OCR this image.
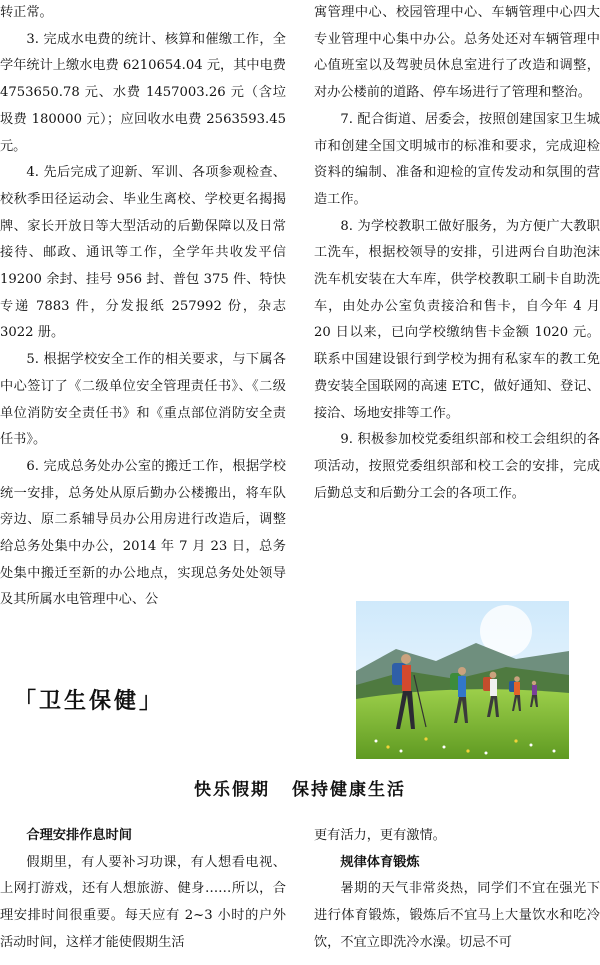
转正常。

3. 完成水电费的统计、核算和催缴工作，全学年统计上缴水电费 6210654.04 元，其中电费 4753650.78 元、水费 1457003.26 元（含垃圾费 180000 元）；应回收水电费 2563593.45 元。

4. 先后完成了迎新、军训、各项参观检查、校秋季田径运动会、毕业生离校、学校更名揭揭牌、家长开放日等大型活动的后勤保障以及日常接待、邮政、通讯等工作，全学年共收发平信 19200 余封、挂号 956 封、普包 375 件、特快专递 7883 件，分发报纸 257992 份，杂志 3022 册。

5. 根据学校安全工作的相关要求，与下属各中心签订了《二级单位安全管理责任书》、《二级单位消防安全责任书》和《重点部位消防安全责任书》。

6. 完成总务处办公室的搬迁工作，根据学校统一安排，总务处从原后勤办公楼搬出，将车队旁边、原二系辅导员办公用房进行改造后，调整给总务处集中办公，2014 年 7 月 23 日，总务处集中搬迁至新的办公地点，实现总务处处领导及其所属水电管理中心、公

寓管理中心、校园管理中心、车辆管理中心四大专业管理中心集中办公。总务处还对车辆管理中心值班室以及驾驶员休息室进行了改造和调整，对办公楼前的道路、停车场进行了管理和整治。

7. 配合街道、居委会，按照创建国家卫生城市和创建全国文明城市的标准和要求，完成迎检资料的编制、准备和迎检的宣传发动和氛围的营造工作。

8. 为学校教职工做好服务，为方便广大教职工洗车，根据校领导的安排，引进两台自助泡沫洗车机安装在大车库，供学校教职工刷卡自助洗车，由处办公室负责接洽和售卡，自今年 4 月 20 日以来，已向学校缴纳售卡金额 1020 元。联系中国建设银行到学校为拥有私家车的教工免费安装全国联网的高速 ETC，做好通知、登记、接洽、场地安排等工作。

9. 积极参加校党委组织部和校工会组织的各项活动，按照党委组织部和校工会的安排，完成后勤总支和后勤分工会的各项工作。

「卫生保健」
快乐假期 保持健康生活

合理安排作息时间

假期里，有人要补习功课，有人想看电视、上网打游戏，还有人想旅游、健身……所以，合理安排时间很重要。每天应有 2~3 小时的户外活动时间，这样才能使假期生活

更有活力，更有激情。

规律体育锻炼

暑期的天气非常炎热，同学们不宜在强光下进行体育锻炼，锻炼后不宜马上大量饮水和吃冷饮，不宜立即洗冷水澡。切忌不可
